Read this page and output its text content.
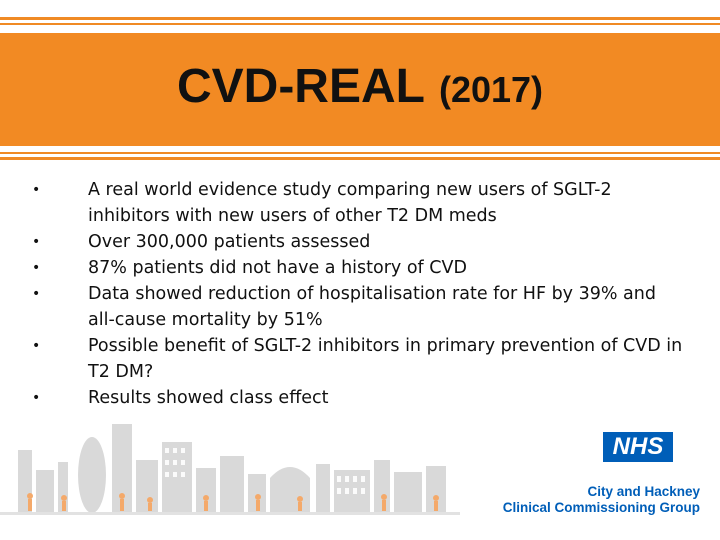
CVD-REAL (2017)
•	A real world evidence study comparing new users of SGLT-2 inhibitors with new users of other T2 DM meds
•	Over 300,000 patients assessed
•	87% patients did not have a history of CVD
•	Data showed reduction of hospitalisation rate for HF by 39% and all-cause mortality by 51%
•	Possible benefit of SGLT-2 inhibitors in primary prevention of CVD in T2 DM?
•	Results showed class effect
NHS
City and Hackney
Clinical Commissioning Group
